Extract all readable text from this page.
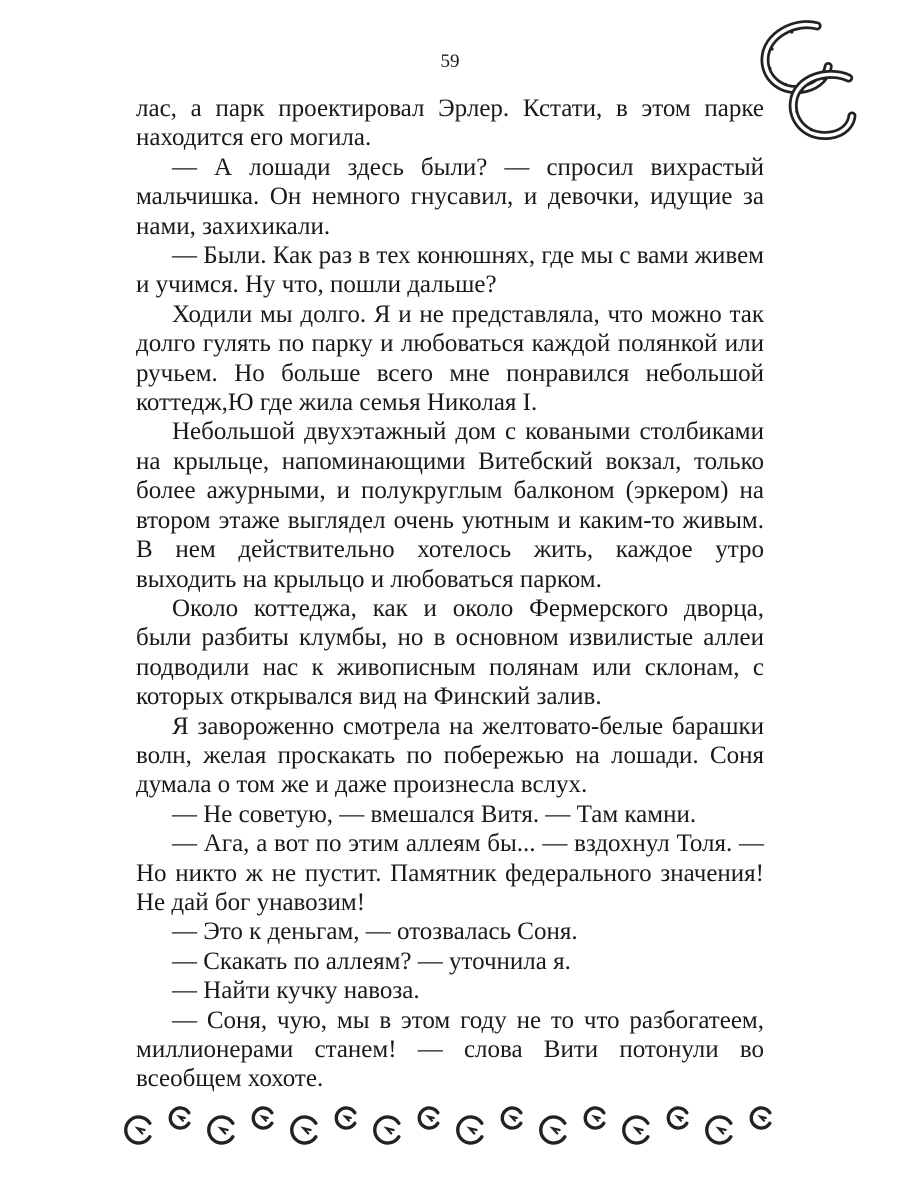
59

лас, а парк проектировал Эрлер. Кстати, в этом парке находится его могила.

— А лошади здесь были? — спросил вихрастый мальчишка. Он немного гнусавил, и девочки, идущие за нами, захихикали.

— Были. Как раз в тех конюшнях, где мы с вами живем и учимся. Ну что, пошли дальше?

Ходили мы долго. Я и не представляла, что можно так долго гулять по парку и любоваться каждой полянкой или ручьем. Но больше всего мне понравился небольшой коттедж,Ю где жила семья Николая I.

Небольшой двухэтажный дом с коваными столбиками на крыльце, напоминающими Витебский вокзал, только более ажурными, и полукруглым балконом (эркером) на втором этаже выглядел очень уютным и каким-то живым. В нем действительно хотелось жить, каждое утро выходить на крыльцо и любоваться парком.

Около коттеджа, как и около Фермерского дворца, были разбиты клумбы, но в основном извилистые аллеи подводили нас к живописным полянам или склонам, с которых открывался вид на Финский залив.

Я завороженно смотрела на желтовато-белые барашки волн, желая проскакать по побережью на лошади. Соня думала о том же и даже произнесла вслух.

— Не советую, — вмешался Витя. — Там камни.

— Ага, а вот по этим аллеям бы... — вздохнул Толя. — Но никто ж не пустит. Памятник федерального значения! Не дай бог унавозим!

— Это к деньгам, — отозвалась Соня.

— Скакать по аллеям? — уточнила я.

— Найти кучку навоза.

— Соня, чую, мы в этом году не то что разбогатеем, миллионерами станем! — слова Вити потонули во всеобщем хохоте.
